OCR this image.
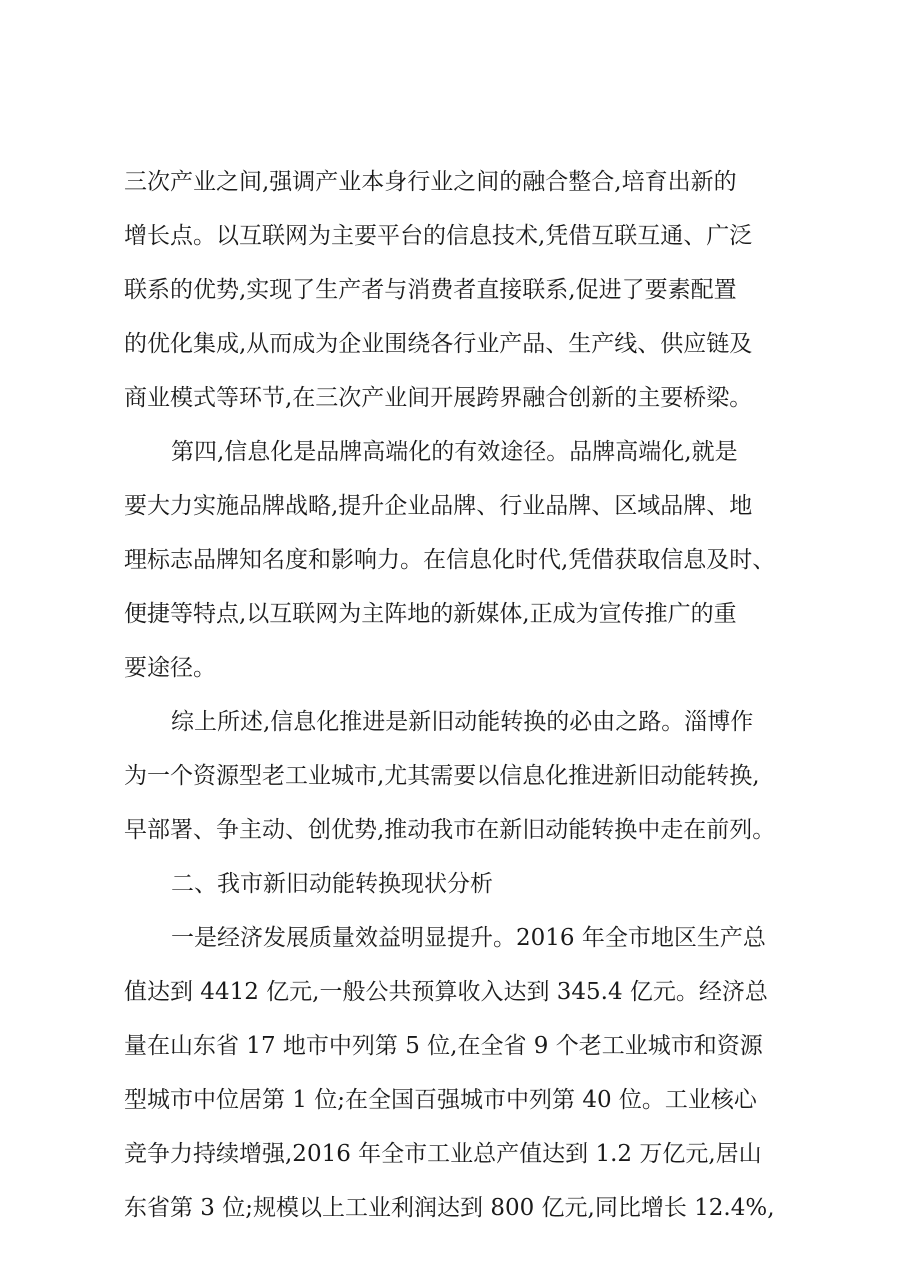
三次产业之间,强调产业本身行业之间的融合整合,培育出新的
增长点。以互联网为主要平台的信息技术,凭借互联互通、广泛
联系的优势,实现了生产者与消费者直接联系,促进了要素配置
的优化集成,从而成为企业围绕各行业产品、生产线、供应链及
商业模式等环节,在三次产业间开展跨界融合创新的主要桥梁。
第四,信息化是品牌高端化的有效途径。品牌高端化,就是
要大力实施品牌战略,提升企业品牌、行业品牌、区域品牌、地
理标志品牌知名度和影响力。在信息化时代,凭借获取信息及时、
便捷等特点,以互联网为主阵地的新媒体,正成为宣传推广的重
要途径。
综上所述,信息化推进是新旧动能转换的必由之路。淄博作
为一个资源型老工业城市,尤其需要以信息化推进新旧动能转换,
早部署、争主动、创优势,推动我市在新旧动能转换中走在前列。
二、我市新旧动能转换现状分析
一是经济发展质量效益明显提升。2016 年全市地区生产总
值达到 4412 亿元,一般公共预算收入达到 345.4 亿元。经济总
量在山东省 17 地市中列第 5 位,在全省 9 个老工业城市和资源
型城市中位居第 1 位;在全国百强城市中列第 40 位。工业核心
竞争力持续增强,2016 年全市工业总产值达到 1.2 万亿元,居山
东省第 3 位;规模以上工业利润达到 800 亿元,同比增长 12.4%,
